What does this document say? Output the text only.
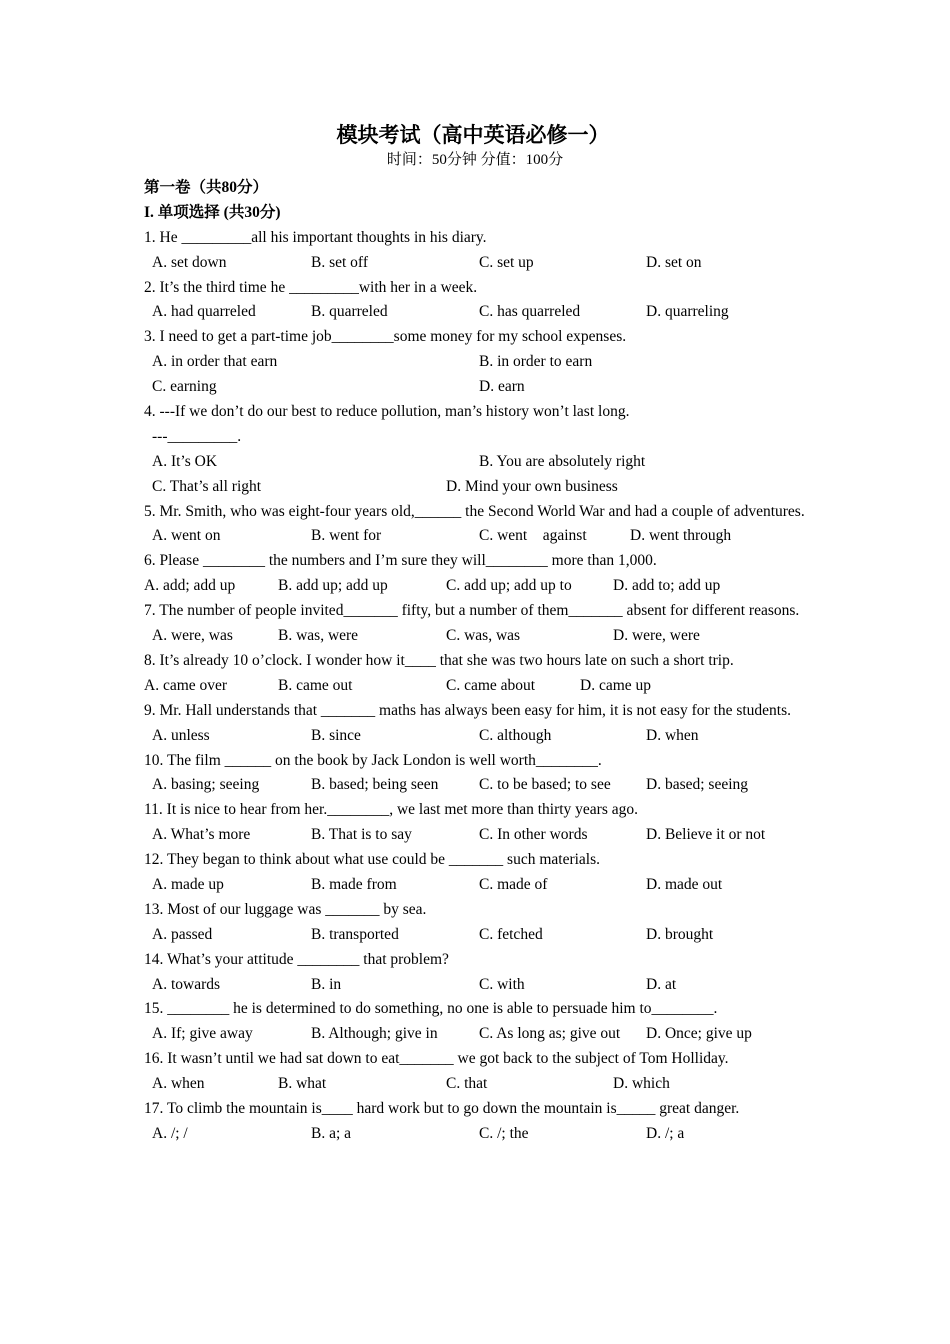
模块考试（高中英语必修一）
时间：50分钟 分值：100分
第一卷（共80分）
I. 单项选择 (共30分)
1. He _________all his important thoughts in his diary.
A. set down	B. set off	C. set up	D. set on
2. It’s the third time he _________with her in a week.
A. had quarreled	B. quarreled	C. has quarreled	D. quarreling
3. I need to get a part-time job________some money for my school expenses.
A. in order that earn	B. in order to earn
C. earning	D. earn
4. ---If we don’t do our best to reduce pollution, man’s history won’t last long.
---_________.
A. It’s OK	B. You are absolutely right
C. That’s all right	D. Mind your own business
5. Mr. Smith, who was eight-four years old,______ the Second World War and had a couple of adventures.
A. went on	B. went for	C. went    against	D. went through
6. Please ________ the numbers and I’m sure they will________ more than 1,000.
A. add; add up	B. add up; add up	C. add up; add up to	D. add to; add up
7. The number of people invited_______ fifty, but a number of them_______ absent for different reasons.
A. were, was	B. was, were	C. was, was	D. were, were
8. It’s already 10 o’clock. I wonder how it____ that she was two hours late on such a short trip.
A. came over	B. came out	C. came about	D. came up
9. Mr. Hall understands that _______ maths has always been easy for him, it is not easy for the students.
A. unless	B. since	C. although	D. when
10. The film ______ on the book by Jack London is well worth________.
A. basing; seeing	B. based; being seen	C. to be based; to see D. based; seeing
11. It is nice to hear from her.________, we last met more than thirty years ago.
A. What’s more	B. That is to say	C. In other words	D. Believe it or not
12. They began to think about what use could be _______ such materials.
A. made up	B. made from	C. made of	D. made out
13. Most of our luggage was _______ by sea.
A. passed	B. transported	C. fetched	D. brought
14. What’s your attitude ________ that problem?
A. towards	B. in	C. with	D. at
15. ________ he is determined to do something, no one is able to persuade him to________.
A. If; give away	B. Although; give in	C. As long as; give out D. Once; give up
16. It wasn’t until we had sat down to eat_______ we got back to the subject of Tom Holliday.
A. when	B. what	C. that	D. which
17. To climb the mountain is____ hard work but to go down the mountain is_____ great danger.
A. /; /	B. a; a	C. /; the	D. /; a
